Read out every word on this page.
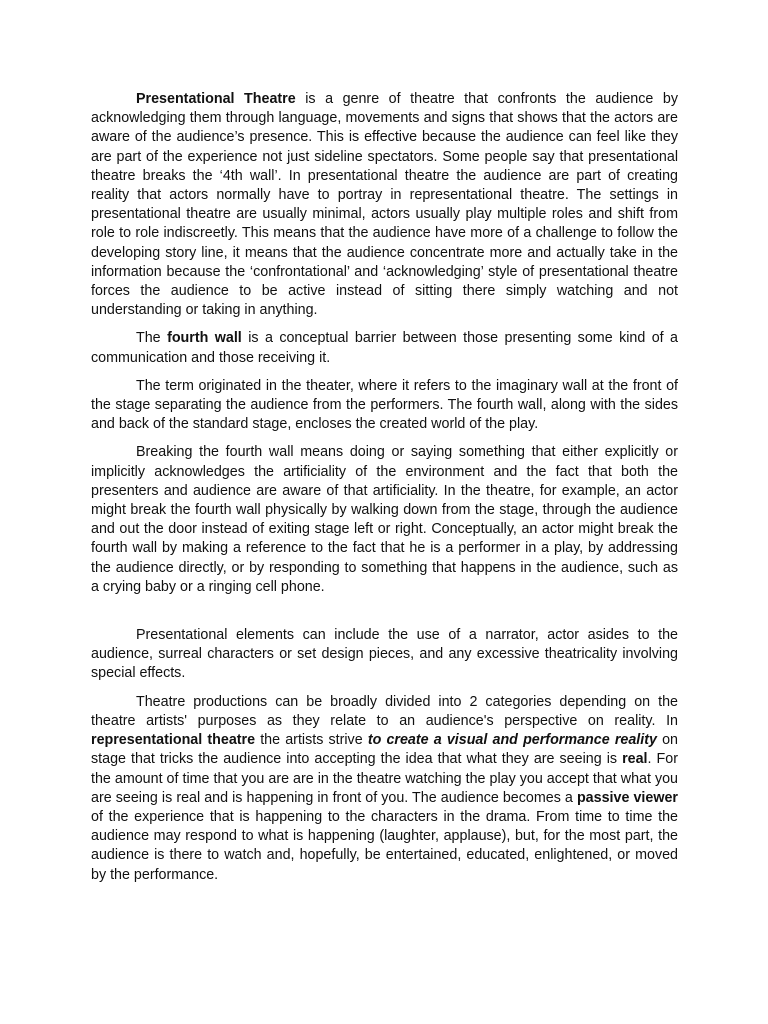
Presentational Theatre is a genre of theatre that confronts the audience by acknowledging them through language, movements and signs that shows that the actors are aware of the audience’s presence. This is effective because the audience can feel like they are part of the experience not just sideline spectators. Some people say that presentational theatre breaks the ‘4th wall’. In presentational theatre the audience are part of creating reality that actors normally have to portray in representational theatre. The settings in presentational theatre are usually minimal, actors usually play multiple roles and shift from role to role indiscreetly. This means that the audience have more of a challenge to follow the developing story line, it means that the audience concentrate more and actually take in the information because the ‘confrontational’ and ‘acknowledging’ style of presentational theatre forces the audience to be active instead of sitting there simply watching and not understanding or taking in anything.

The fourth wall is a conceptual barrier between those presenting some kind of a communication and those receiving it.

The term originated in the theater, where it refers to the imaginary wall at the front of the stage separating the audience from the performers. The fourth wall, along with the sides and back of the standard stage, encloses the created world of the play.

Breaking the fourth wall means doing or saying something that either explicitly or implicitly acknowledges the artificiality of the environment and the fact that both the presenters and audience are aware of that artificiality. In the theatre, for example, an actor might break the fourth wall physically by walking down from the stage, through the audience and out the door instead of exiting stage left or right. Conceptually, an actor might break the fourth wall by making a reference to the fact that he is a performer in a play, by addressing the audience directly, or by responding to something that happens in the audience, such as a crying baby or a ringing cell phone.

Presentational elements can include the use of a narrator, actor asides to the audience, surreal characters or set design pieces, and any excessive theatricality involving special effects.

Theatre productions can be broadly divided into 2 categories depending on the theatre artists' purposes as they relate to an audience's perspective on reality. In representational theatre the artists strive to create a visual and performance reality on stage that tricks the audience into accepting the idea that what they are seeing is real. For the amount of time that you are are in the theatre watching the play you accept that what you are seeing is real and is happening in front of you. The audience becomes a passive viewer of the experience that is happening to the characters in the drama. From time to time the audience may respond to what is happening (laughter, applause), but, for the most part, the audience is there to watch and, hopefully, be entertained, educated, enlightened, or moved by the performance.
